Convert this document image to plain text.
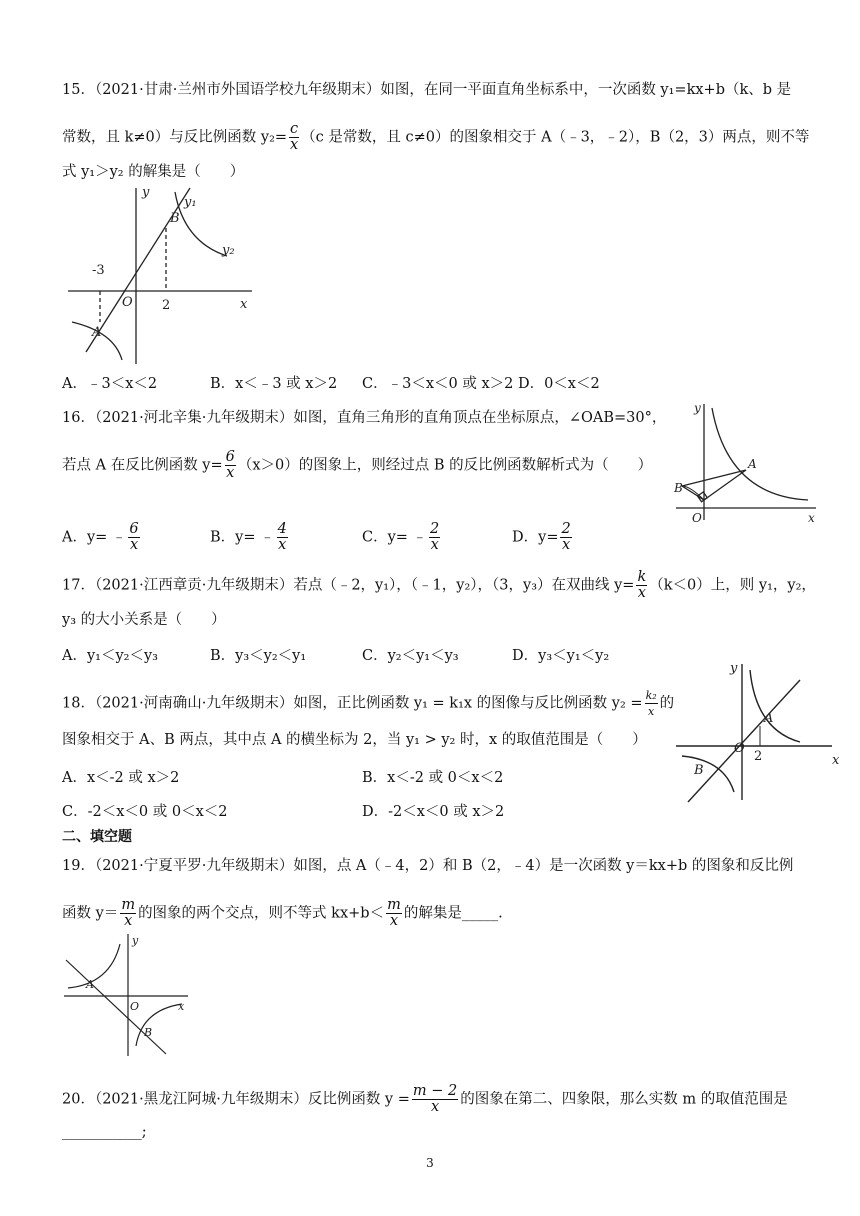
15．（2021·甘肃·兰州市外国语学校九年级期末）如图，在同一平面直角坐标系中，一次函数 y₁=kx+b（k、b 是
常数，且 k≠0）与反比例函数 $y_2= \frac{c}{x} (c$ 是常数，且 c≠0）的图象相交于 A（﹣3，﹣2），B（2，3）两点，则不等
式 y₁＞y₂ 的解集是（　　）
y
x
O
y₁
y₂
B
A
-3
2
A．﹣3＜x＜2	B．x＜﹣3 或 x＞2 C．﹣3＜x＜0 或 x＞2 D．0＜x＜2
16．（2021·河北辛集·九年级期末）如图，直角三角形的直角顶点在坐标原点，∠OAB=30°，
若点 A 在反比例函数 $y= \frac{6}{x} (x>0)$的图象上，则经过点 B 的反比例函数解析式为（　　）
y
x
O
A
B
A．y= ﹣ $\frac{6}{x}$	B．y= ﹣ $\frac{4}{x}$	C．y= ﹣ $\frac{2}{x}$	D．$y= \frac{2}{x}$
17．（2021·江西章贡·九年级期末）若点（﹣2，y₁），（﹣1，y₂），（3，y₃）在双曲线 $y= \frac{k}{x} (k<0)$上，则 y₁，y₂，
y₃ 的大小关系是（　　）
A．y₁＜y₂＜y₃	B．y₃＜y₂＜y₁	C．y₂＜y₁＜y₃	D．y₃＜y₁＜y₂
18．（2021·河南确山·九年级期末）如图，正比例函数 y₁ = k₁x 的图像与反比例函数 $y_2 = \frac{\text{k₂}}{x}$ 的
图象相交于 A、B 两点，其中点 A 的横坐标为 2，当 y₁ > y₂ 时，x 的取值范围是（　　）
A．x＜-2 或 x＞2	B．x＜-2 或 0＜x＜2
C．-2＜x＜0 或 0＜x＜2	D．-2＜x＜0 或 x＞2
y
x
O
A
B
2
二、填空题
19．（2021·宁夏平罗·九年级期末）如图，点 A（﹣4，2）和 B（2，﹣4）是一次函数 y＝kx+b 的图象和反比例
函数 $y= \frac{m}{x}$ 的图象的两个交点，则不等式 $kx+b< \frac{m}{x}$ 的解集是_____.
y
x
O
A
B
20．（2021·黑龙江阿城·九年级期末）反比例函数 $y = \frac{m - 2}{x}$ 的图象在第二、四象限，那么实数 m 的取值范围是
___________;
3
